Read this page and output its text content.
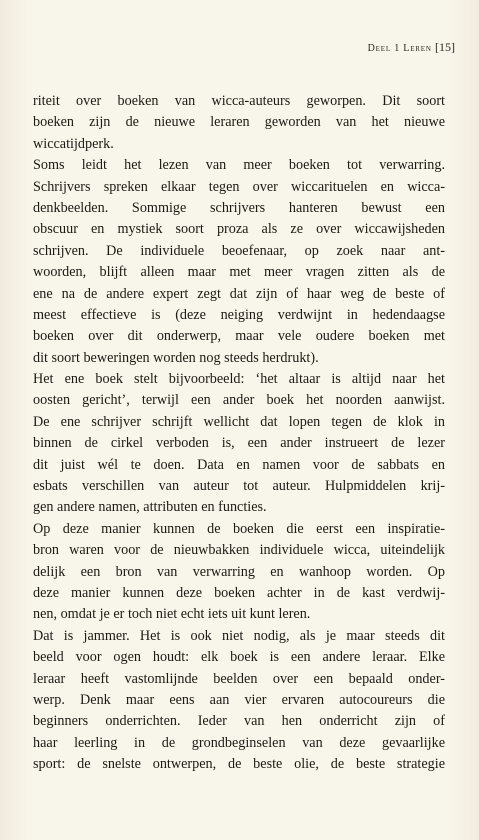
Deel 1 Leren [15]
riteit over boeken van wicca-auteurs geworpen. Dit soort
boeken zijn de nieuwe leraren geworden van het nieuwe
wiccatijdperk.
Soms leidt het lezen van meer boeken tot verwarring.
Schrijvers spreken elkaar tegen over wiccarituelen en wicca-
denkbeelden. Sommige schrijvers hanteren bewust een
obscuur en mystiek soort proza als ze over wiccawijsheden
schrijven. De individuele beoefenaar, op zoek naar ant-
woorden, blijft alleen maar met meer vragen zitten als de
ene na de andere expert zegt dat zijn of haar weg de beste of
meest effectieve is (deze neiging verdwijnt in hedendaagse
boeken over dit onderwerp, maar vele oudere boeken met
dit soort beweringen worden nog steeds herdrukt).
Het ene boek stelt bijvoorbeeld: ‘het altaar is altijd naar het
oosten gericht’, terwijl een ander boek het noorden aanwijst.
De ene schrijver schrijft wellicht dat lopen tegen de klok in
binnen de cirkel verboden is, een ander instrueert de lezer
dit juist wél te doen. Data en namen voor de sabbats en
esbats verschillen van auteur tot auteur. Hulpmiddelen krij-
gen andere namen, attributen en functies.
Op deze manier kunnen de boeken die eerst een inspiratie-
bron waren voor de nieuwbakken individuele wicca, uiteindelijk
delijk een bron van verwarring en wanhoop worden. Op
deze manier kunnen deze boeken achter in de kast verdwij-
nen, omdat je er toch niet echt iets uit kunt leren.
Dat is jammer. Het is ook niet nodig, als je maar steeds dit
beeld voor ogen houdt: elk boek is een andere leraar. Elke
leraar heeft vastomlijnde beelden over een bepaald onder-
werp. Denk maar eens aan vier ervaren autocoureurs die
beginners onderrichten. Ieder van hen onderricht zijn of
haar leerling in de grondbeginselen van deze gevaarlijke
sport: de snelste ontwerpen, de beste olie, de beste strategie
